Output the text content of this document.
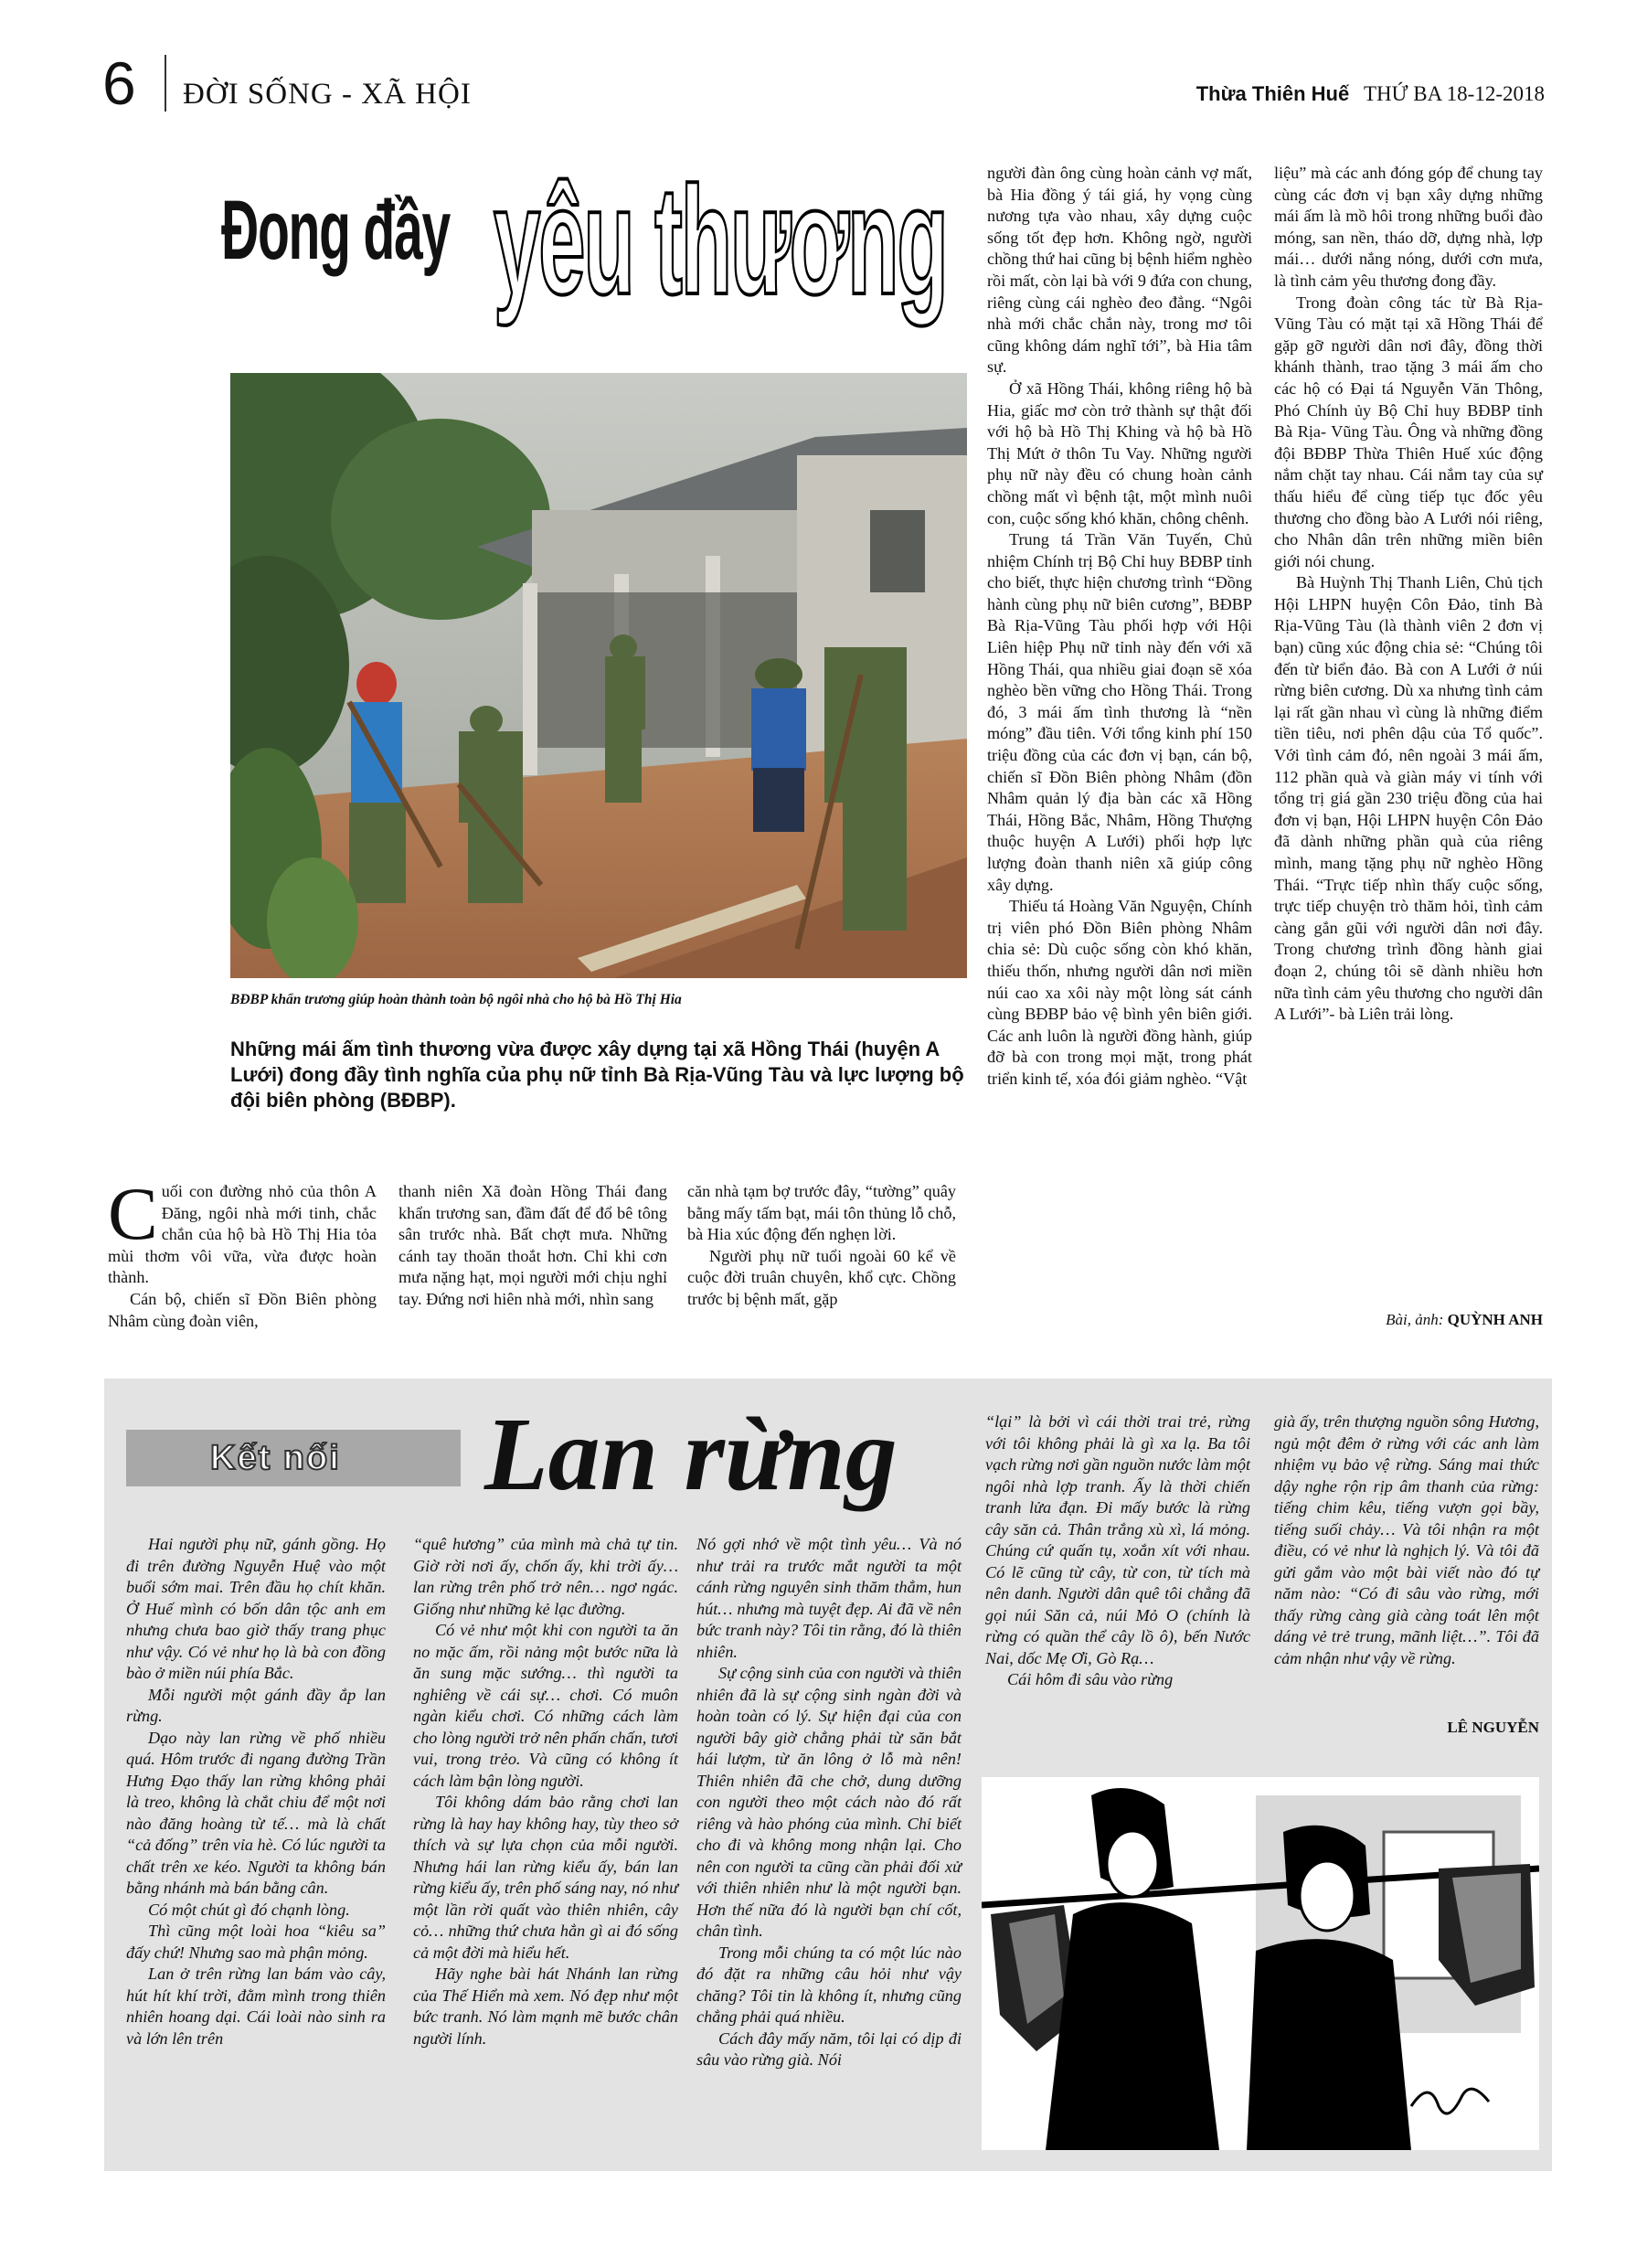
6 ĐỜI SỐNG - XÃ HỘI	Thừa Thiên Huế THỨ BA 18-12-2018
Đong đầy yêu thương
BĐBP khẩn trương giúp hoàn thành toàn bộ ngôi nhà cho hộ bà Hồ Thị Hia
Những mái ấm tình thương vừa được xây dựng tại xã Hồng Thái (huyện A Lưới) đong đầy tình nghĩa của phụ nữ tỉnh Bà Rịa-Vũng Tàu và lực lượng bộ đội biên phòng (BĐBP).

Cuối con đường nhỏ của thôn A Đăng, ngôi nhà mới tinh, chắc chắn của hộ bà Hồ Thị Hia tỏa mùi thơm vôi vữa, vừa được hoàn thành.

Cán bộ, chiến sĩ Đồn Biên phòng Nhâm cùng đoàn viên,

thanh niên Xã đoàn Hồng Thái đang khẩn trương san, đầm đất để đổ bê tông sân trước nhà. Bất chợt mưa. Những cánh tay thoăn thoắt hơn. Chỉ khi cơn mưa nặng hạt, mọi người mới chịu nghỉ tay. Đứng nơi hiên nhà mới, nhìn sang

căn nhà tạm bợ trước đây, “tường” quây bằng mấy tấm bạt, mái tôn thủng lỗ chỗ, bà Hia xúc động đến nghẹn lời.

Người phụ nữ tuổi ngoài 60 kể về cuộc đời truân chuyên, khổ cực. Chồng trước bị bệnh mất, gặp

người đàn ông cùng hoàn cảnh vợ mất, bà Hia đồng ý tái giá, hy vọng cùng nương tựa vào nhau, xây dựng cuộc sống tốt đẹp hơn. Không ngờ, người chồng thứ hai cũng bị bệnh hiểm nghèo rồi mất, còn lại bà với 9 đứa con chung, riêng cùng cái nghèo đeo đẳng. “Ngôi nhà mới chắc chắn này, trong mơ tôi cũng không dám nghĩ tới”, bà Hia tâm sự.

Ở xã Hồng Thái, không riêng hộ bà Hia, giấc mơ còn trở thành sự thật đối với hộ bà Hồ Thị Khing và hộ bà Hồ Thị Mứt ở thôn Tu Vay. Những người phụ nữ này đều có chung hoàn cảnh chồng mất vì bệnh tật, một mình nuôi con, cuộc sống khó khăn, chông chênh.

Trung tá Trần Văn Tuyến, Chủ nhiệm Chính trị Bộ Chỉ huy BĐBP tỉnh cho biết, thực hiện chương trình “Đồng hành cùng phụ nữ biên cương”, BĐBP Bà Rịa-Vũng Tàu phối hợp với Hội Liên hiệp Phụ nữ tỉnh này đến với xã Hồng Thái, qua nhiều giai đoạn sẽ xóa nghèo bền vững cho Hồng Thái. Trong đó, 3 mái ấm tình thương là “nền móng” đầu tiên. Với tổng kinh phí 150 triệu đồng của các đơn vị bạn, cán bộ, chiến sĩ Đồn Biên phòng Nhâm (đồn Nhâm quản lý địa bàn các xã Hồng Thái, Hồng Bắc, Nhâm, Hồng Thượng thuộc huyện A Lưới) phối hợp lực lượng đoàn thanh niên xã giúp công xây dựng.

Thiếu tá Hoàng Văn Nguyện, Chính trị viên phó Đồn Biên phòng Nhâm chia sẻ: Dù cuộc sống còn khó khăn, thiếu thốn, nhưng người dân nơi miền núi cao xa xôi này một lòng sát cánh cùng BĐBP bảo vệ bình yên biên giới. Các anh luôn là người đồng hành, giúp đỡ bà con trong mọi mặt, trong phát triển kinh tế, xóa đói giảm nghèo. “Vật

liệu” mà các anh đóng góp để chung tay cùng các đơn vị bạn xây dựng những mái ấm là mồ hôi trong những buổi đào móng, san nền, tháo dỡ, dựng nhà, lợp mái… dưới nắng nóng, dưới cơn mưa, là tình cảm yêu thương đong đầy.

Trong đoàn công tác từ Bà Rịa- Vũng Tàu có mặt tại xã Hồng Thái để gặp gỡ người dân nơi đây, đồng thời khánh thành, trao tặng 3 mái ấm cho các hộ có Đại tá Nguyễn Văn Thông, Phó Chính ủy Bộ Chỉ huy BĐBP tỉnh Bà Rịa- Vũng Tàu. Ông và những đồng đội BĐBP Thừa Thiên Huế xúc động nắm chặt tay nhau. Cái nắm tay của sự thấu hiểu để cùng tiếp tục đốc yêu thương cho đồng bào A Lưới nói riêng, cho Nhân dân trên những miền biên giới nói chung.

Bà Huỳnh Thị Thanh Liên, Chủ tịch Hội LHPN huyện Côn Đảo, tỉnh Bà Rịa-Vũng Tàu (là thành viên 2 đơn vị bạn) cũng xúc động chia sẻ: “Chúng tôi đến từ biển đảo. Bà con A Lưới ở núi rừng biên cương. Dù xa nhưng tình cảm lại rất gần nhau vì cùng là những điểm tiền tiêu, nơi phên dậu của Tổ quốc”. Với tình cảm đó, nên ngoài 3 mái ấm, 112 phần quà và giàn máy vi tính với tổng trị giá gần 230 triệu đồng của hai đơn vị bạn, Hội LHPN huyện Côn Đảo đã dành những phần quà của riêng mình, mang tặng phụ nữ nghèo Hồng Thái. “Trực tiếp nhìn thấy cuộc sống, trực tiếp chuyện trò thăm hỏi, tình cảm càng gắn gũi với người dân nơi đây. Trong chương trình đồng hành giai đoạn 2, chúng tôi sẽ dành nhiều hơn nữa tình cảm yêu thương cho người dân A Lưới”- bà Liên trải lòng.

Bài, ảnh: QUỲNH ANH
Kết nối Lan rừng

Hai người phụ nữ, gánh gồng. Họ đi trên đường Nguyễn Huệ vào một buổi sớm mai. Trên đầu họ chít khăn. Ở Huế mình có bốn dân tộc anh em nhưng chưa bao giờ thấy trang phục như vậy. Có vẻ như họ là bà con đồng bào ở miền núi phía Bắc.

Mỗi người một gánh đầy ắp lan rừng.

Dạo này lan rừng về phố nhiều quá. Hôm trước đi ngang đường Trần Hưng Đạo thấy lan rừng không phải là treo, không là chắt chiu để một nơi nào đăng hoàng từ tế… mà là chất “cả đống” trên vỉa hè. Có lúc người ta chất trên xe kéo. Người ta không bán bằng nhánh mà bán bằng cân.

Có một chút gì đó chạnh lòng.

Thì cũng một loài hoa “kiêu sa” đấy chứ! Nhưng sao mà phận mỏng.

Lan ở trên rừng lan bám vào cây, hút hít khí trời, đằm mình trong thiên nhiên hoang dại. Cái loài nào sinh ra và lớn lên trên

“quê hương” của mình mà chả tự tin. Giờ rời nơi ấy, chốn ấy, khi trời ấy… lan rừng trên phố trở nên… ngơ ngác. Giống như những kẻ lạc đường.

Có vẻ như một khi con người ta ăn no mặc ấm, rồi nảng một bước nữa là ăn sung mặc sướng… thì người ta nghiêng về cái sự… chơi. Có muôn ngàn kiểu chơi. Có những cách làm cho lòng người trở nên phấn chấn, tươi vui, trong trẻo. Và cũng có không ít cách làm bận lòng người.

Tôi không dám bảo rằng chơi lan rừng là hay hay không hay, tùy theo sở thích và sự lựa chọn của mỗi người. Nhưng hái lan rừng kiểu ấy, bán lan rừng kiểu ấy, trên phố sáng nay, nó như một lần rời quất vào thiên nhiên, cây cỏ… những thứ chưa hẳn gì ai đó sống cả một đời mà hiểu hết.

Hãy nghe bài hát Nhánh lan rừng của Thế Hiển mà xem. Nó đẹp như một bức tranh. Nó làm mạnh mẽ bước chân người lính.

Nó gợi nhớ về một tình yêu… Và nó như trải ra trước mắt người ta một cánh rừng nguyên sinh thăm thẳm, hun hút… nhưng mà tuyệt đẹp. Ai đã về nên bức tranh này? Tôi tin rằng, đó là thiên nhiên.

Sự cộng sinh của con người và thiên nhiên đã là sự cộng sinh ngàn đời và hoàn toàn có lý. Sự hiện đại của con người bây giờ chẳng phải từ săn bắt hái lượm, từ ăn lông ở lỗ mà nên! Thiên nhiên đã che chở, dung dưỡng con người theo một cách nào đó rất riêng và hào phóng của mình. Chỉ biết cho đi và không mong nhận lại. Cho nên con người ta cũng cần phải đối xử với thiên nhiên như là một người bạn. Hơn thế nữa đó là người bạn chí cốt, chân tình.

Trong mỗi chúng ta có một lúc nào đó đặt ra những câu hỏi như vậy chăng? Tôi tin là không ít, nhưng cũng chẳng phải quá nhiều.

Cách đây mấy năm, tôi lại có dịp đi sâu vào rừng già. Nói

“lại” là bởi vì cái thời trai trẻ, rừng với tôi không phải là gì xa lạ. Ba tôi vạch rừng nơi gần nguồn nước làm một ngôi nhà lợp tranh. Ấy là thời chiến tranh lửa đạn. Đi mấy bước là rừng cây săn cả. Thân trắng xù xì, lá mỏng. Chúng cứ quấn tụ, xoắn xít với nhau. Có lẽ cũng từ cây, từ con, từ tích mà nên danh. Người dân quê tôi chẳng đã gọi núi Săn cả, núi Mỏ O (chính là rừng có quần thể cây lồ ô), bến Nước Nai, dốc Mẹ Ơi, Gò Rạ…

Cái hôm đi sâu vào rừng

già ấy, trên thượng nguồn sông Hương, ngủ một đêm ở rừng với các anh làm nhiệm vụ bảo vệ rừng. Sáng mai thức dậy nghe rộn rịp âm thanh của rừng: tiếng chim kêu, tiếng vượn gọi bầy, tiếng suối chảy… Và tôi nhận ra một điều, có vẻ như là nghịch lý. Và tôi đã gửi gắm vào một bài viết nào đó tự năm nào: “Có đi sâu vào rừng, mới thấy rừng càng già càng toát lên một dáng vẻ trẻ trung, mãnh liệt…”. Tôi đã cảm nhận như vậy về rừng.

LÊ NGUYỄN
